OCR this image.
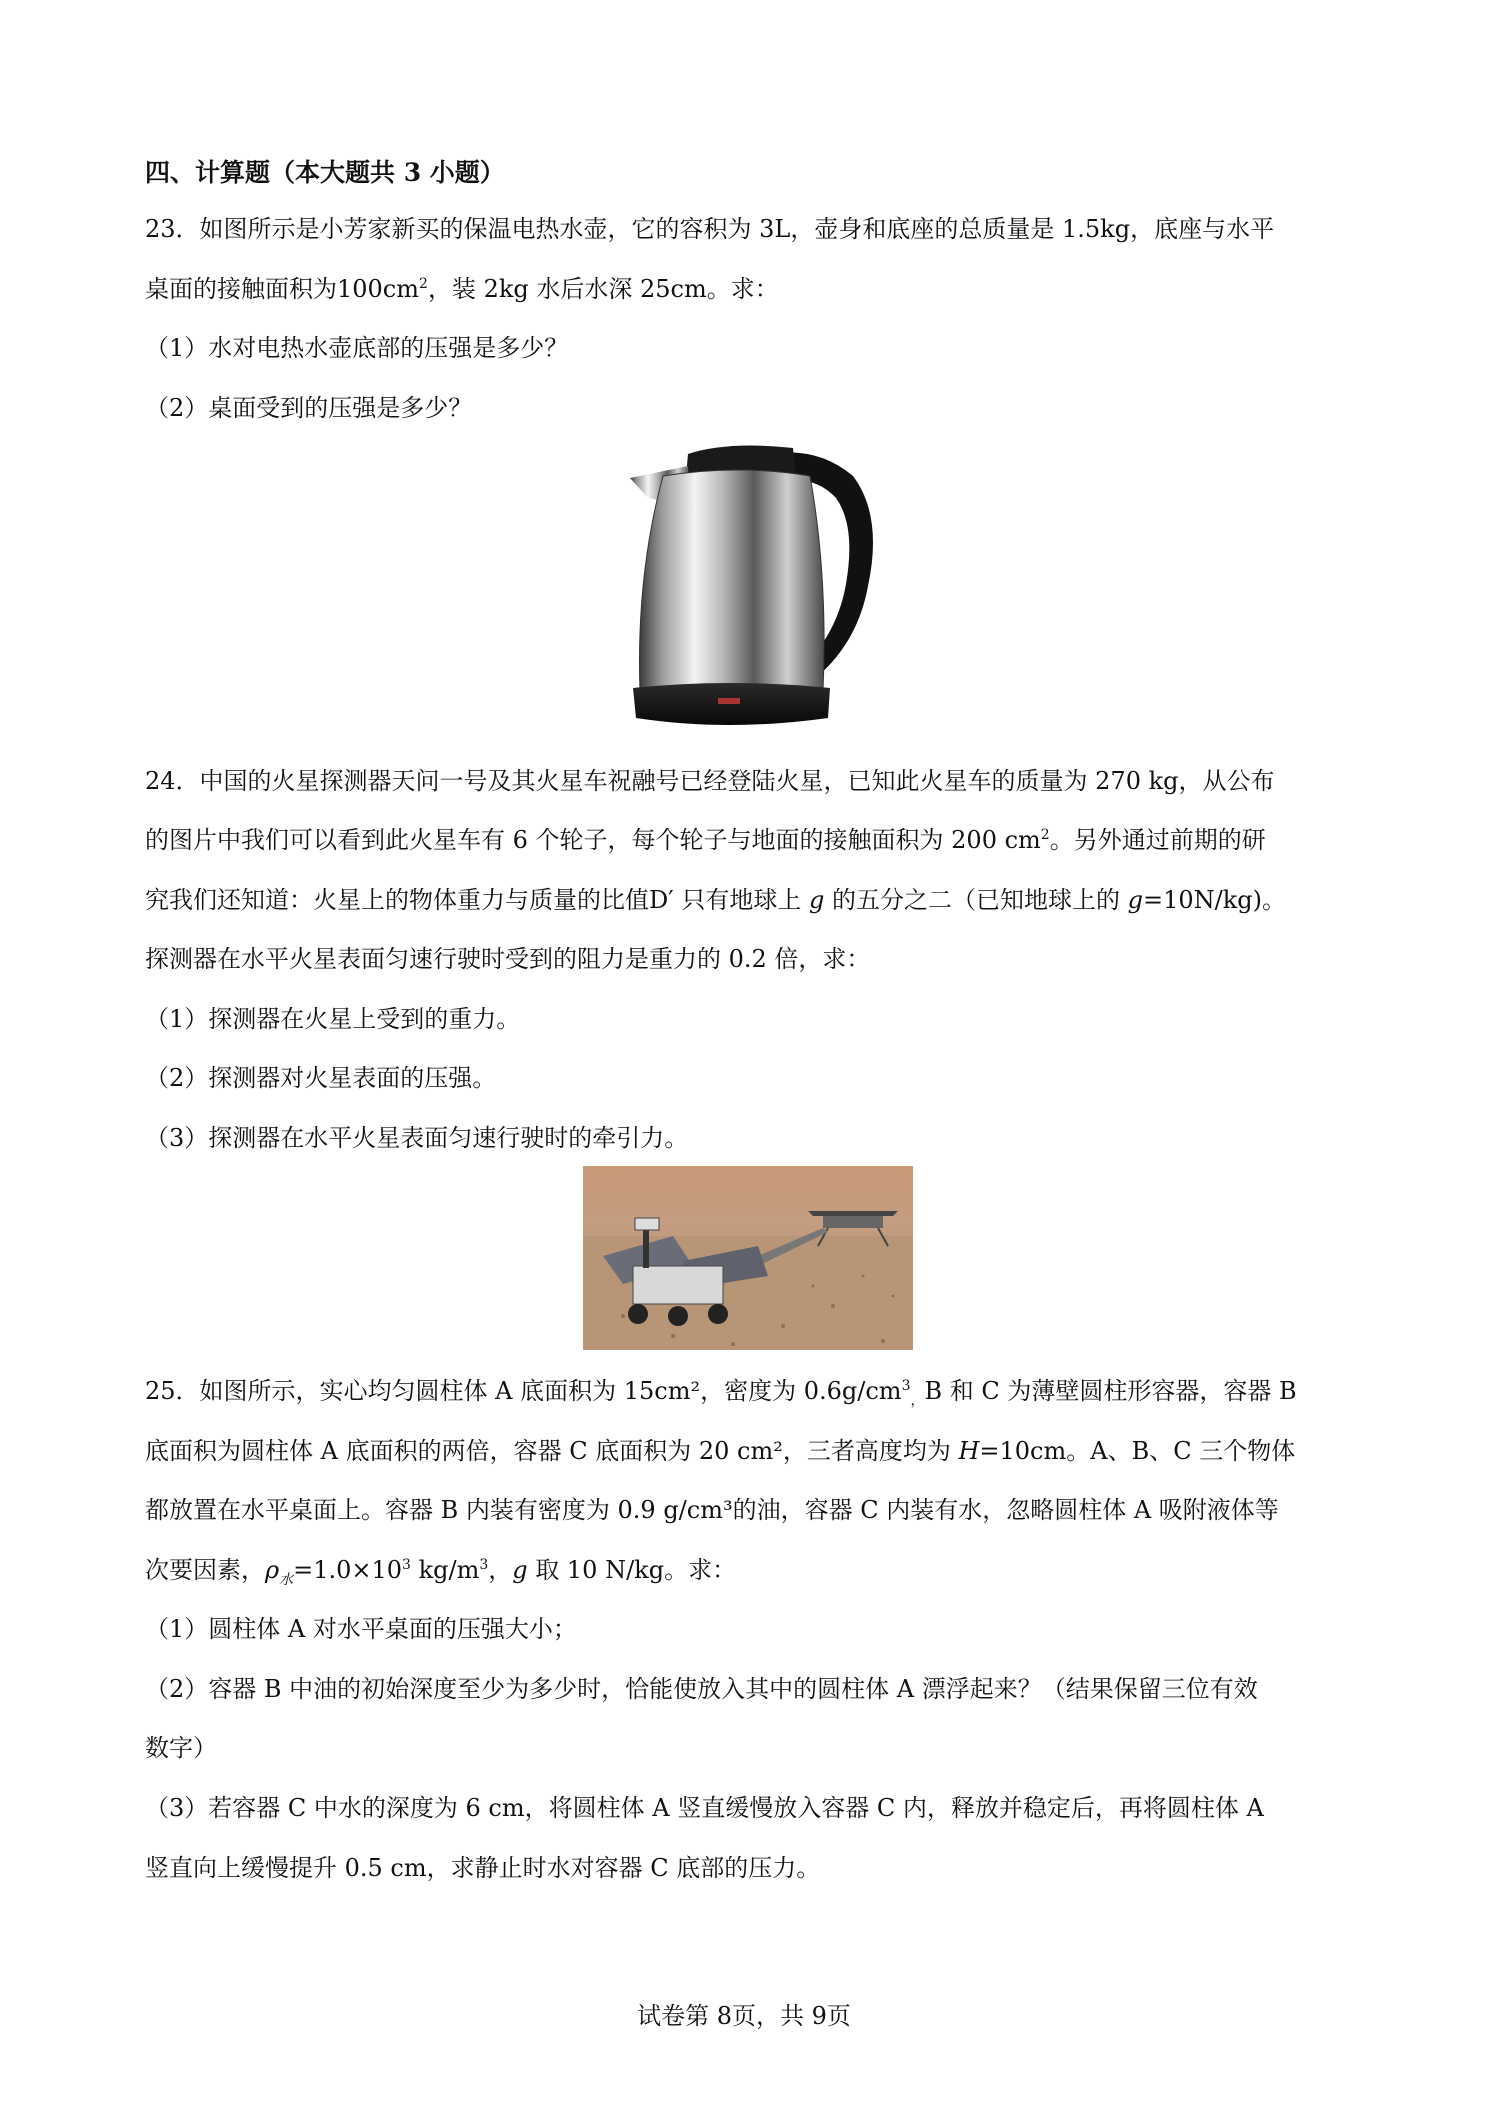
四、计算题（本大题共 3 小题）
23．如图所示是小芳家新买的保温电热水壶，它的容积为 3L，壶身和底座的总质量是 1.5kg，底座与水平
桌面的接触面积为$100cm^2$，装 2kg 水后水深 25cm。求：
（1）水对电热水壶底部的压强是多少？
（2）桌面受到的压强是多少？
24．中国的火星探测器天问一号及其火星车祝融号已经登陆火星，已知此火星车的质量为 270 kg，从公布
的图片中我们可以看到此火星车有 6 个轮子，每个轮子与地面的接触面积为 200 $cm^2$。另外通过前期的研
究我们还知道：火星上的物体重力与质量的比值D′ 只有地球上 g 的五分之二（已知地球上的 g=10N/kg)。
探测器在水平火星表面匀速行驶时受到的阻力是重力的 0.2 倍，求：
（1）探测器在火星上受到的重力。
（2）探测器对火星表面的压强。
（3）探测器在水平火星表面匀速行驶时的牵引力。
25．如图所示，实心均匀圆柱体 A 底面积为 15cm²，密度为 $0.6g/cm^3_,B$ 和 C 为薄壁圆柱形容器，容器 B
底面积为圆柱体 A 底面积的两倍，容器 C 底面积为 20 cm²，三者高度均为 H=10cm。A、B、C 三个物体
都放置在水平桌面上。容器 B 内装有密度为 0.9 g/cm³的油，容器 C 内装有水，忽略圆柱体 A 吸附液体等
次要因素，$\rho_水=1.0\times 10^3$ $kg/m^3$，g 取 10 N/kg。求：
（1）圆柱体 A 对水平桌面的压强大小；
（2）容器 B 中油的初始深度至少为多少时，恰能使放入其中的圆柱体 A 漂浮起来？（结果保留三位有效
数字）
（3）若容器 C 中水的深度为 6 cm，将圆柱体 A 竖直缓慢放入容器 C 内，释放并稳定后，再将圆柱体 A
竖直向上缓慢提升 0.5 cm，求静止时水对容器 C 底部的压力。
试卷第 8页，共 9页
